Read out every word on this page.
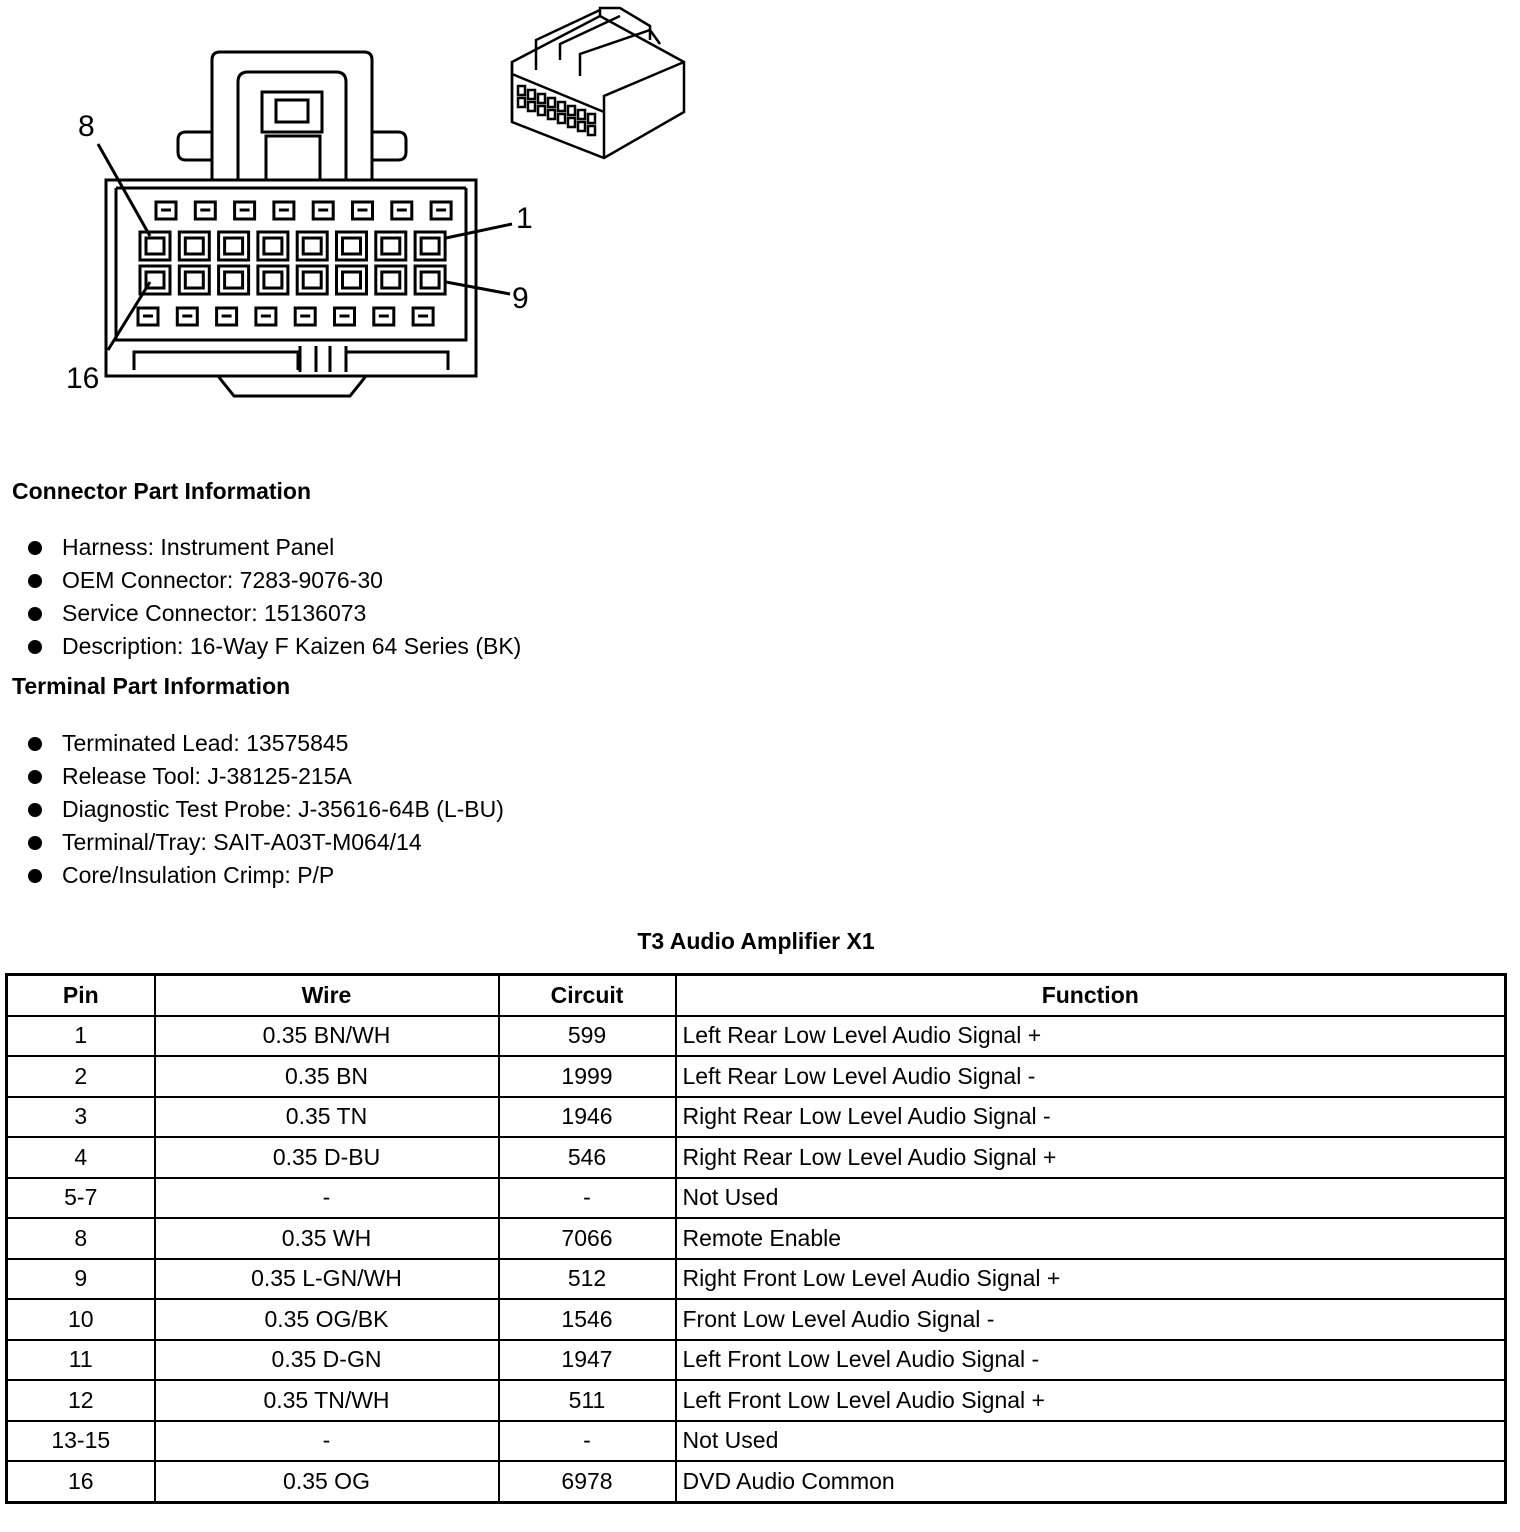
8
1
9
16
Connector Part Information
Harness: Instrument Panel
OEM Connector: 7283-9076-30
Service Connector: 15136073
Description: 16-Way F Kaizen 64 Series (BK)
Terminal Part Information
Terminated Lead: 13575845
Release Tool: J-38125-215A
Diagnostic Test Probe: J-35616-64B (L-BU)
Terminal/Tray: SAIT-A03T-M064/14
Core/Insulation Crimp: P/P
T3 Audio Amplifier X1
Pin	Wire	Circuit	Function
1	0.35 BN/WH	599	Left Rear Low Level Audio Signal +
2	0.35 BN	1999	Left Rear Low Level Audio Signal -
3	0.35 TN	1946	Right Rear Low Level Audio Signal -
4	0.35 D-BU	546	Right Rear Low Level Audio Signal +
5-7	-	-	Not Used
8	0.35 WH	7066	Remote Enable
9	0.35 L-GN/WH	512	Right Front Low Level Audio Signal +
10	0.35 OG/BK	1546	Front Low Level Audio Signal -
11	0.35 D-GN	1947	Left Front Low Level Audio Signal -
12	0.35 TN/WH	511	Left Front Low Level Audio Signal +
13-15	-	-	Not Used
16	0.35 OG	6978	DVD Audio Common
